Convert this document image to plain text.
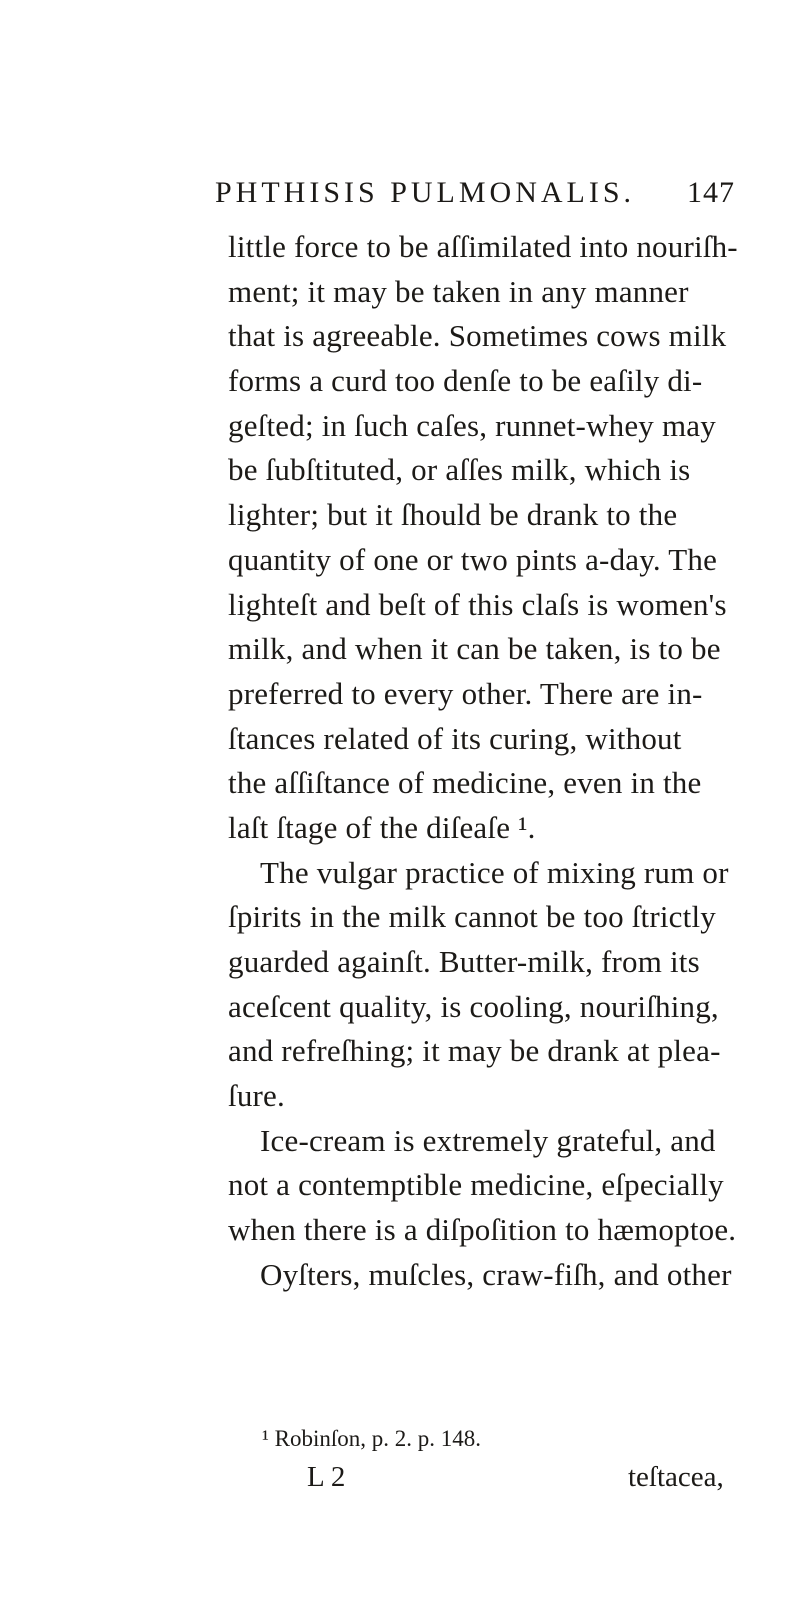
PHTHISIS PULMONALIS. 147
little force to be aſſimilated into nouriſh-
ment; it may be taken in any manner
that is agreeable. Sometimes cows milk
forms a curd too denſe to be eaſily di-
geſted; in ſuch caſes, runnet-whey may
be ſubſtituted, or aſſes milk, which is
lighter; but it ſhould be drank to the
quantity of one or two pints a-day. The
lighteſt and beſt of this claſs is women's
milk, and when it can be taken, is to be
preferred to every other. There are in-
ſtances related of its curing, without
the aſſiſtance of medicine, even in the
laſt ſtage of the diſeaſe ¹.
The vulgar practice of mixing rum or
ſpirits in the milk cannot be too ſtrictly
guarded againſt. Butter-milk, from its
aceſcent quality, is cooling, nouriſhing,
and refreſhing; it may be drank at plea-
ſure.
Ice-cream is extremely grateful, and
not a contemptible medicine, eſpecially
when there is a diſpoſition to hæmoptoe.
Oyſters, muſcles, craw-fiſh, and other
¹ Robinſon, p. 2. p. 148.
L 2	teſtacea,
